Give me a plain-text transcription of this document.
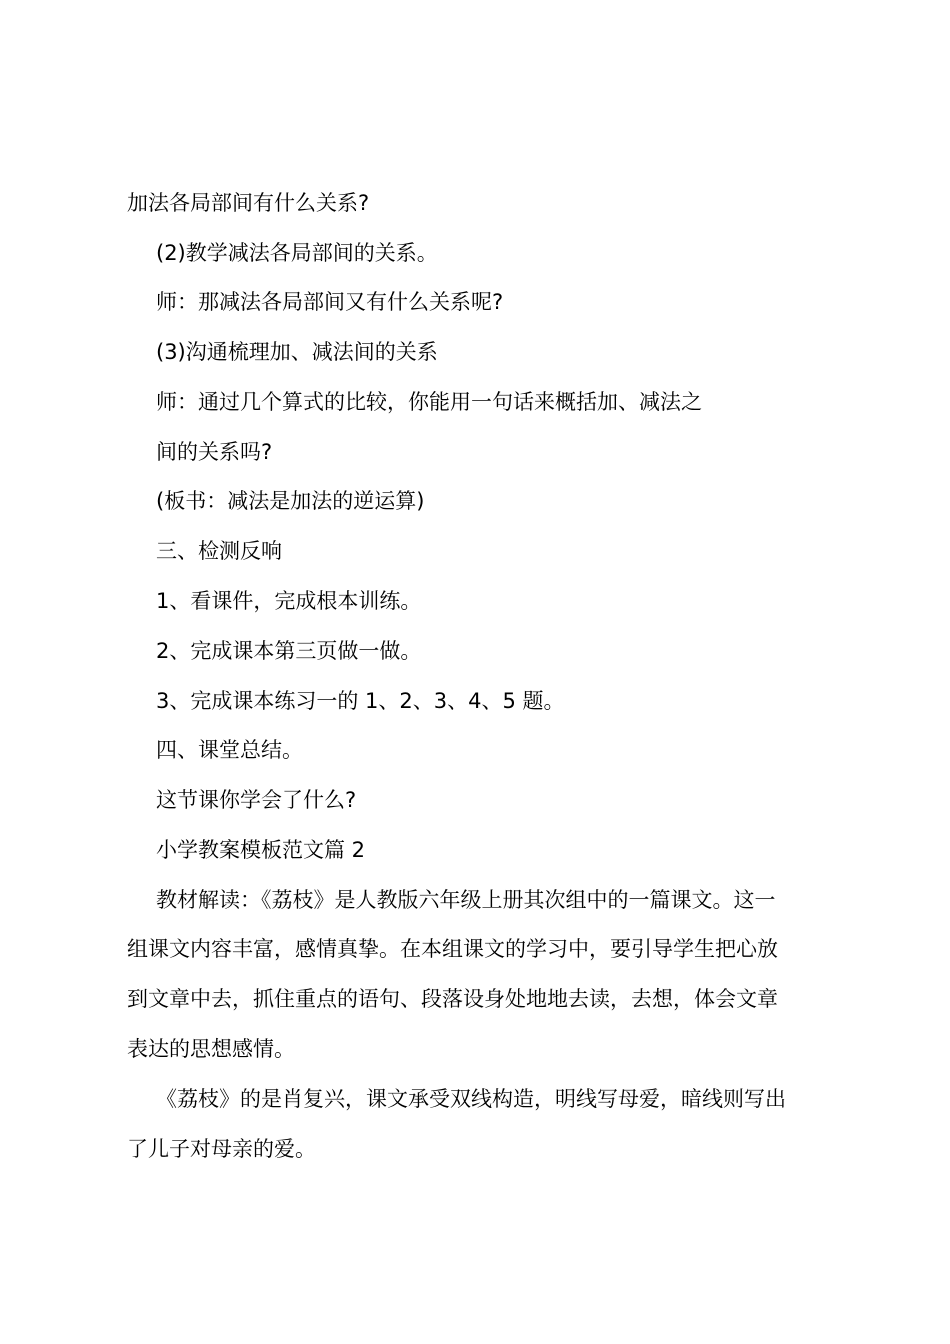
加法各局部间有什么关系?

(2)教学减法各局部间的关系。

师：那减法各局部间又有什么关系呢?

(3)沟通梳理加、减法间的关系

师：通过几个算式的比较，你能用一句话来概括加、减法之

间的关系吗?

(板书：减法是加法的逆运算)

三、检测反响

1、看课件，完成根本训练。

2、完成课本第三页做一做。

3、完成课本练习一的 1、2、3、4、5 题。

四、课堂总结。

这节课你学会了什么?

小学教案模板范文篇 2

教材解读：《荔枝》是人教版六年级上册其次组中的一篇课文。这一

组课文内容丰富，感情真挚。在本组课文的学习中，要引导学生把心放

到文章中去，抓住重点的语句、段落设身处地地去读，去想，体会文章

表达的思想感情。

《荔枝》的是肖复兴，课文承受双线构造，明线写母爱，暗线则写出

了儿子对母亲的爱。
